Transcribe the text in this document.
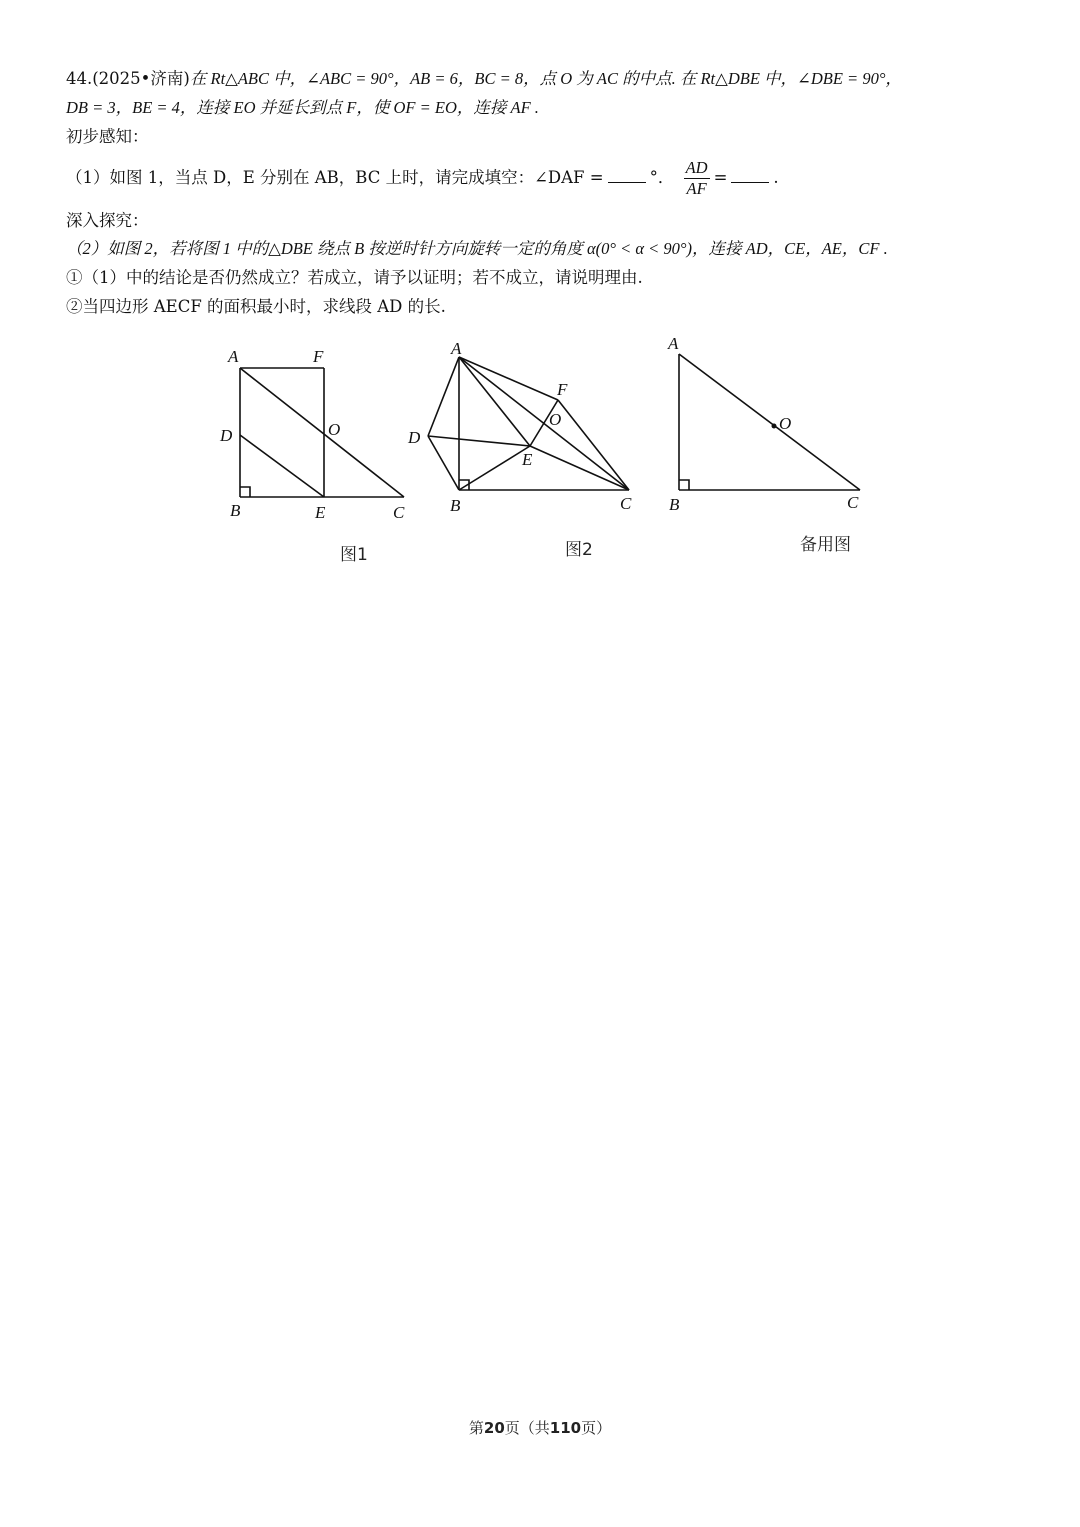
44.(2025•济南)在 Rt△ABC 中，∠ABC = 90°，AB = 6，BC = 8，点 O 为 AC 的中点. 在 Rt△DBE 中，∠DBE = 90°，
DB = 3，BE = 4，连接 EO 并延长到点 F，使 OF = EO，连接 AF .
初步感知：
（1）如图 1，当点 D，E 分别在 AB，BC 上时，请完成填空：∠DAF =	°． $\frac{AD}{AF}$ =	.
深入探究：
（2）如图 2，若将图 1 中的△DBE 绕点 B 按逆时针方向旋转一定的角度 α(0° < α < 90°)，连接 AD，CE，AE，CF .
①（1）中的结论是否仍然成立？若成立，请予以证明；若不成立，请说明理由.
②当四边形 AECF 的面积最小时，求线段 AD 的长.
A	F
D	O
B	E	C
图1
A
F
O
D
E
B	C
图2
A
O
B	C
备用图
第20页（共110页）
